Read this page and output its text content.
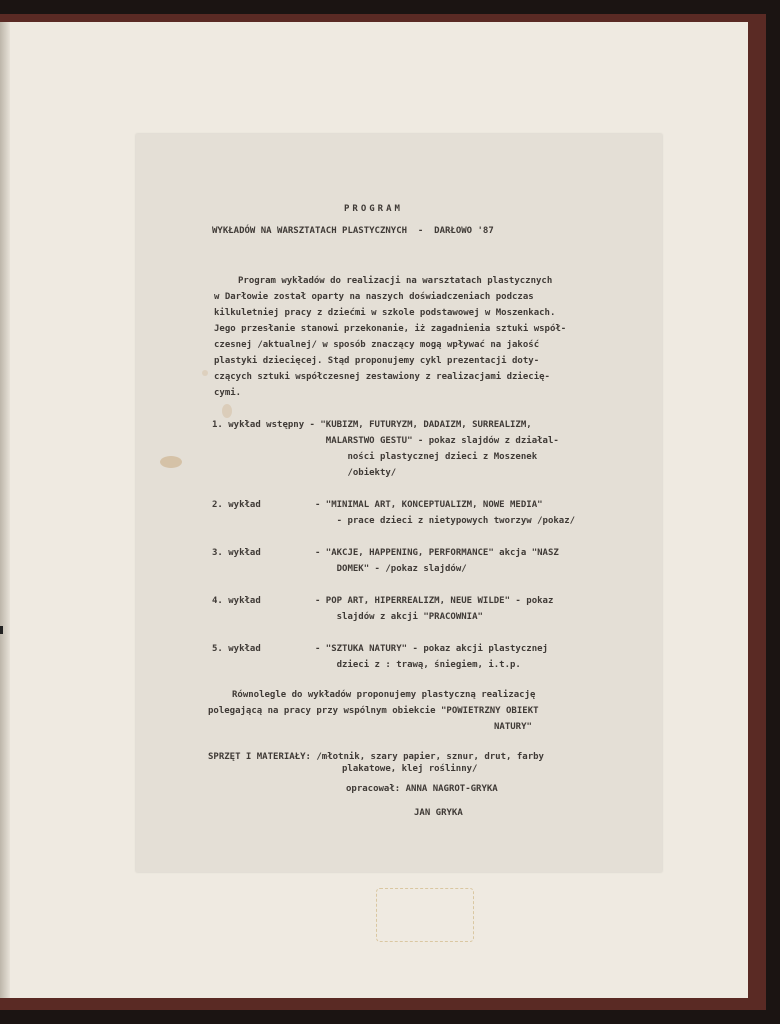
PROGRAM
WYKŁADÓW NA WARSZTATACH PLASTYCZNYCH  -  DARŁOWO '87
Program wykładów do realizacji na warsztatach plastycznych
w Darłowie został oparty na naszych doświadczeniach podczas
kilkuletniej pracy z dziećmi w szkole podstawowej w Moszenkach.
Jego przesłanie stanowi przekonanie, iż zagadnienia sztuki współ-
czesnej /aktualnej/ w sposób znaczący mogą wpływać na jakość
plastyki dziecięcej. Stąd proponujemy cykl prezentacji doty-
czących sztuki współczesnej zestawiony z realizacjami dziecię-
cymi.
1. wykład wstępny - "KUBIZM, FUTURYZM, DADAIZM, SURREALIZM,
MALARSTWO GESTU" - pokaz slajdów z działal-
ności plastycznej dzieci z Moszenek
/obiekty/
2. wykład          - "MINIMAL ART, KONCEPTUALIZM, NOWE MEDIA"
- prace dzieci z nietypowych tworzyw /pokaz/
3. wykład          - "AKCJE, HAPPENING, PERFORMANCE" akcja "NASZ
DOMEK" - /pokaz slajdów/
4. wykład          - POP ART, HIPERREALIZM, NEUE WILDE" - pokaz
slajdów z akcji "PRACOWNIA"
5. wykład          - "SZTUKA NATURY" - pokaz akcji plastycznej
dzieci z : trawą, śniegiem, i.t.p.
Równolegle do wykładów proponujemy plastyczną realizację
polegającą na pracy przy wspólnym obiekcie "POWIETRZNY OBIEKT
NATURY"
SPRZĘT I MATERIAŁY: /młotnik, szary papier, sznur, drut, farby
plakatowe, klej roślinny/
opracował: ANNA NAGROT-GRYKA
JAN GRYKA
